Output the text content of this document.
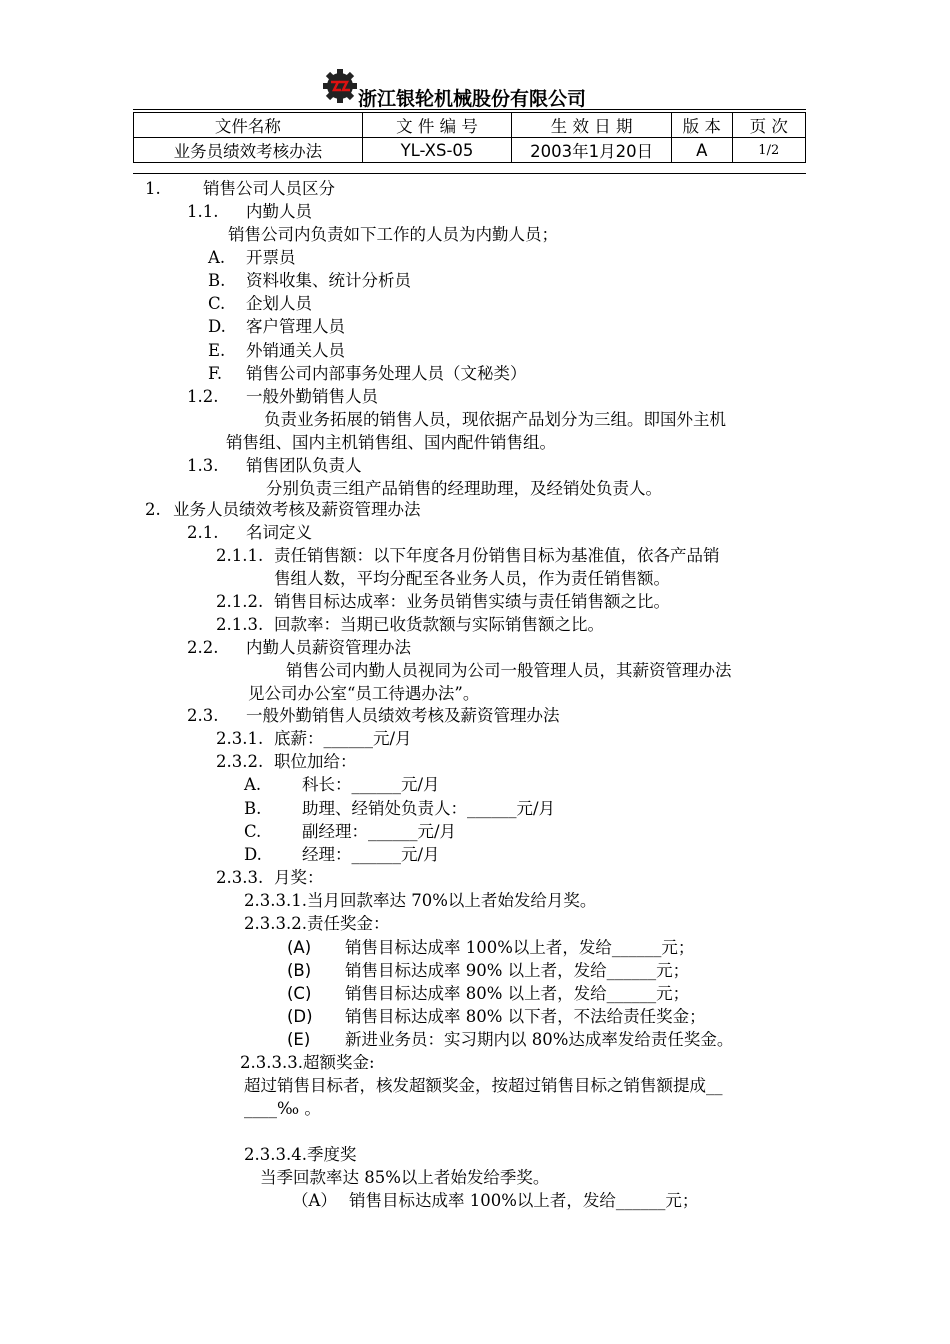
浙江银轮机械股份有限公司
文件名称	文 件 编 号	生 效 日 期	版 本	页 次
业务员绩效考核办法	YL-XS-05	2003年1月20日	A	1/2
1.	销售公司人员区分
1.1. 内勤人员
销售公司内负责如下工作的人员为内勤人员；
A. 开票员
B. 资料收集、统计分析员
C. 企划人员
D. 客户管理人员
E. 外销通关人员
F. 销售公司内部事务处理人员（文秘类）
1.2. 一般外勤销售人员
负责业务拓展的销售人员，现依据产品划分为三组。即国外主机
销售组、国内主机销售组、国内配件销售组。
1.3. 销售团队负责人
分别负责三组产品销售的经理助理，及经销处负责人。
2. 业务人员绩效考核及薪资管理办法
2.1. 名词定义
2.1.1. 责任销售额：以下年度各月份销售目标为基准值，依各产品销
售组人数，平均分配至各业务人员，作为责任销售额。
2.1.2. 销售目标达成率：业务员销售实绩与责任销售额之比。
2.1.3. 回款率：当期已收货款额与实际销售额之比。
2.2. 内勤人员薪资管理办法
销售公司内勤人员视同为公司一般管理人员，其薪资管理办法
见公司办公室“员工待遇办法”。
2.3. 一般外勤销售人员绩效考核及薪资管理办法
2.3.1. 底薪：______元/月
2.3.2. 职位加给：
A. 科长：______元/月
B. 助理、经销处负责人：______元/月
C. 副经理：______元/月
D. 经理：______元/月
2.3.3. 月奖：
2.3.3.1.当月回款率达 70%以上者始发给月奖。
2.3.3.2.责任奖金：
(A) 销售目标达成率 100%以上者，发给______元；
(B) 销售目标达成率 90% 以上者，发给______元；
(C) 销售目标达成率 80% 以上者，发给______元；
(D) 销售目标达成率 80% 以下者，不法给责任奖金；
(E) 新进业务员：实习期内以 80%达成率发给责任奖金。
2.3.3.3.超额奖金:
超过销售目标者，核发超额奖金，按超过销售目标之销售额提成__
____‰ 。
2.3.3.4.季度奖
当季回款率达 85%以上者始发给季奖。
（A） 销售目标达成率 100%以上者，发给______元；
